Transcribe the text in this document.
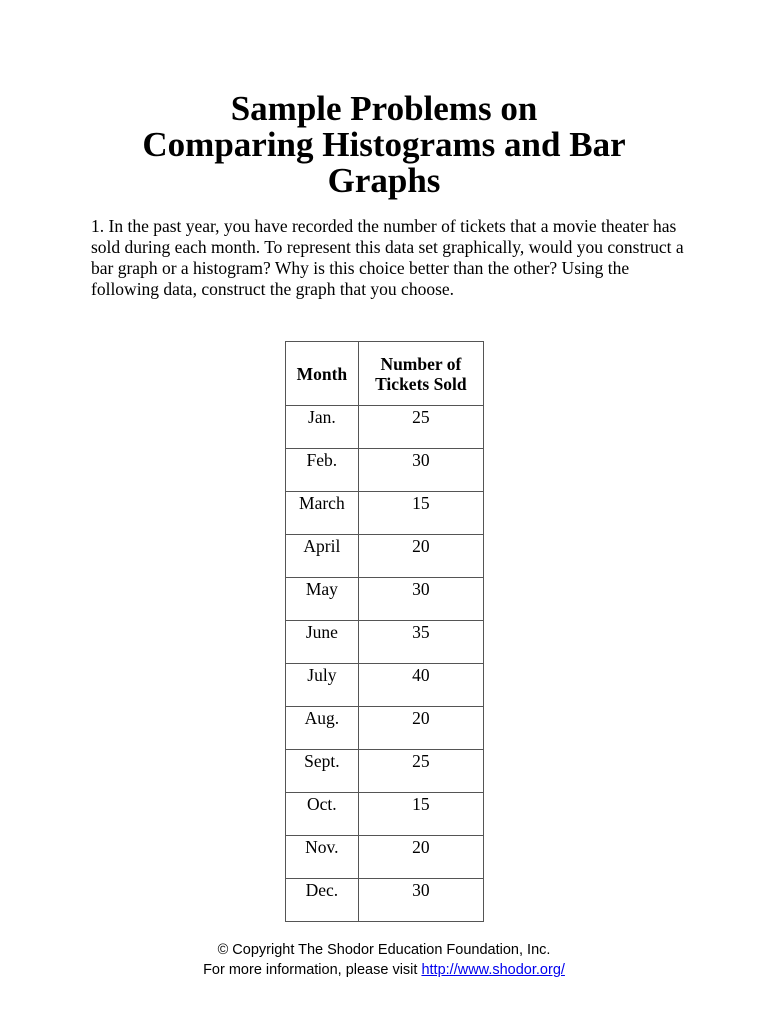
Sample Problems on
Comparing Histograms and Bar
Graphs

1. In the past year, you have recorded the number of tickets that a movie theater has sold during each month. To represent this data set graphically, would you construct a bar graph or a histogram? Why is this choice better than the other? Using the following data, construct the graph that you choose.

Month	Number of
Tickets Sold
Jan.	25
Feb.	30
March	15
April	20
May	30
June	35
July	40
Aug.	20
Sept.	25
Oct.	15
Nov.	20
Dec.	30
© Copyright The Shodor Education Foundation, Inc.
For more information, please visit http://www.shodor.org/
